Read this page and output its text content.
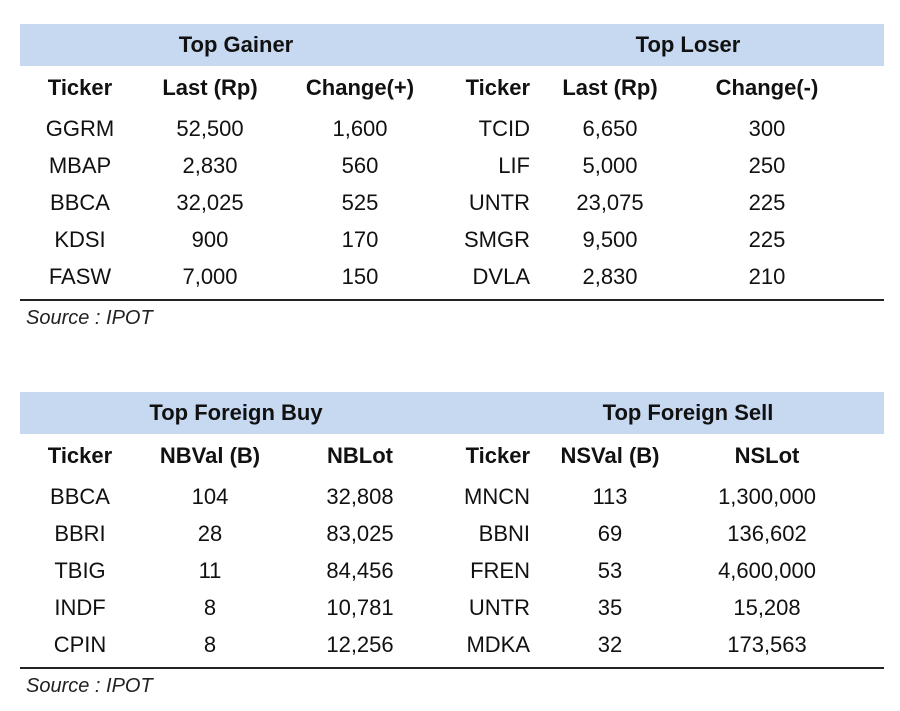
Top Gainer	Top Loser
Ticker	Last (Rp)	Change(+)	Ticker	Last (Rp)	Change(-)
GGRM	52,500	1,600	TCID	6,650	300
MBAP	2,830	560	LIF	5,000	250
BBCA	32,025	525	UNTR	23,075	225
KDSI	900	170	SMGR	9,500	225
FASW	7,000	150	DVLA	2,830	210
Source : IPOT
Top Foreign Buy	Top Foreign Sell
Ticker	NBVal (B)	NBLot	Ticker	NSVal (B)	NSLot
BBCA	104	32,808	MNCN	113	1,300,000
BBRI	28	83,025	BBNI	69	136,602
TBIG	11	84,456	FREN	53	4,600,000
INDF	8	10,781	UNTR	35	15,208
CPIN	8	12,256	MDKA	32	173,563
Source : IPOT
